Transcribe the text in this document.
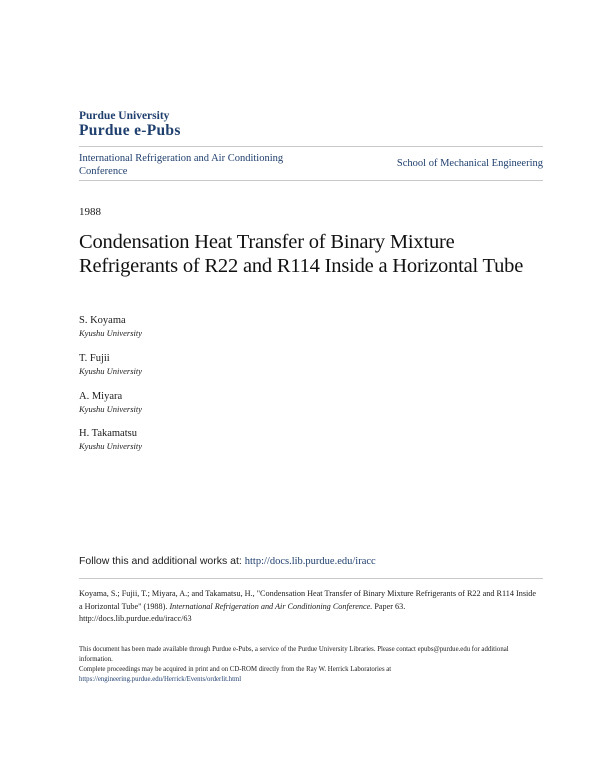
Purdue University
Purdue e-Pubs
International Refrigeration and Air Conditioning Conference
School of Mechanical Engineering
1988
Condensation Heat Transfer of Binary Mixture Refrigerants of R22 and R114 Inside a Horizontal Tube
S. Koyama
Kyushu University
T. Fujii
Kyushu University
A. Miyara
Kyushu University
H. Takamatsu
Kyushu University
Follow this and additional works at: http://docs.lib.purdue.edu/iracc
Koyama, S.; Fujii, T.; Miyara, A.; and Takamatsu, H., "Condensation Heat Transfer of Binary Mixture Refrigerants of R22 and R114 Inside a Horizontal Tube" (1988). International Refrigeration and Air Conditioning Conference. Paper 63.
http://docs.lib.purdue.edu/iracc/63
This document has been made available through Purdue e-Pubs, a service of the Purdue University Libraries. Please contact epubs@purdue.edu for additional information.
Complete proceedings may be acquired in print and on CD-ROM directly from the Ray W. Herrick Laboratories at https://engineering.purdue.edu/Herrick/Events/orderlit.html
